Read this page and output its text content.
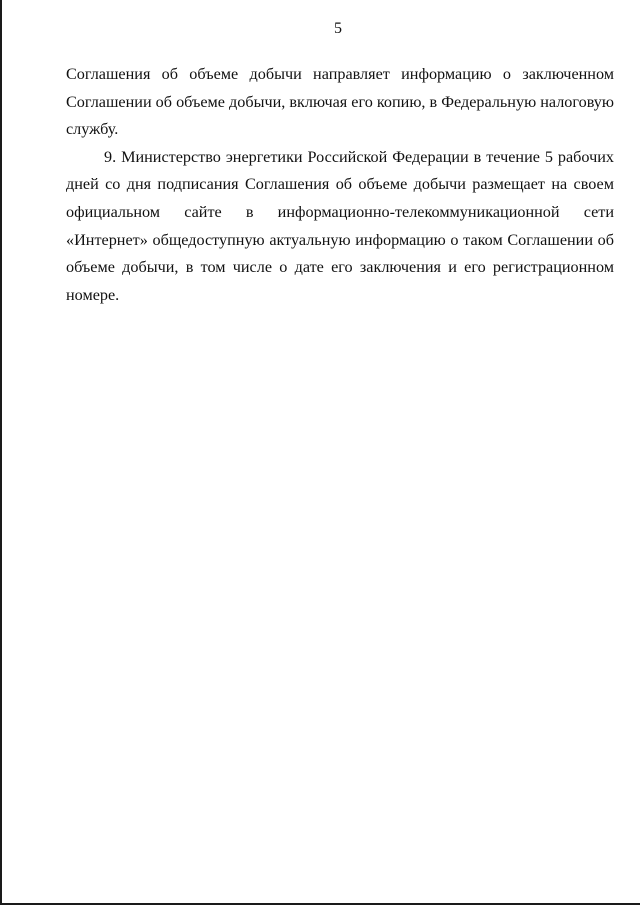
5

Соглашения об объеме добычи направляет информацию о заключенном Соглашении об объеме добычи, включая его копию, в Федеральную налоговую службу.

9. Министерство энергетики Российской Федерации в течение 5 рабочих дней со дня подписания Соглашения об объеме добычи размещает на своем официальном сайте в информационно-телекоммуникационной сети «Интернет» общедоступную актуальную информацию о таком Соглашении об объеме добычи, в том числе о дате его заключения и его регистрационном номере.
